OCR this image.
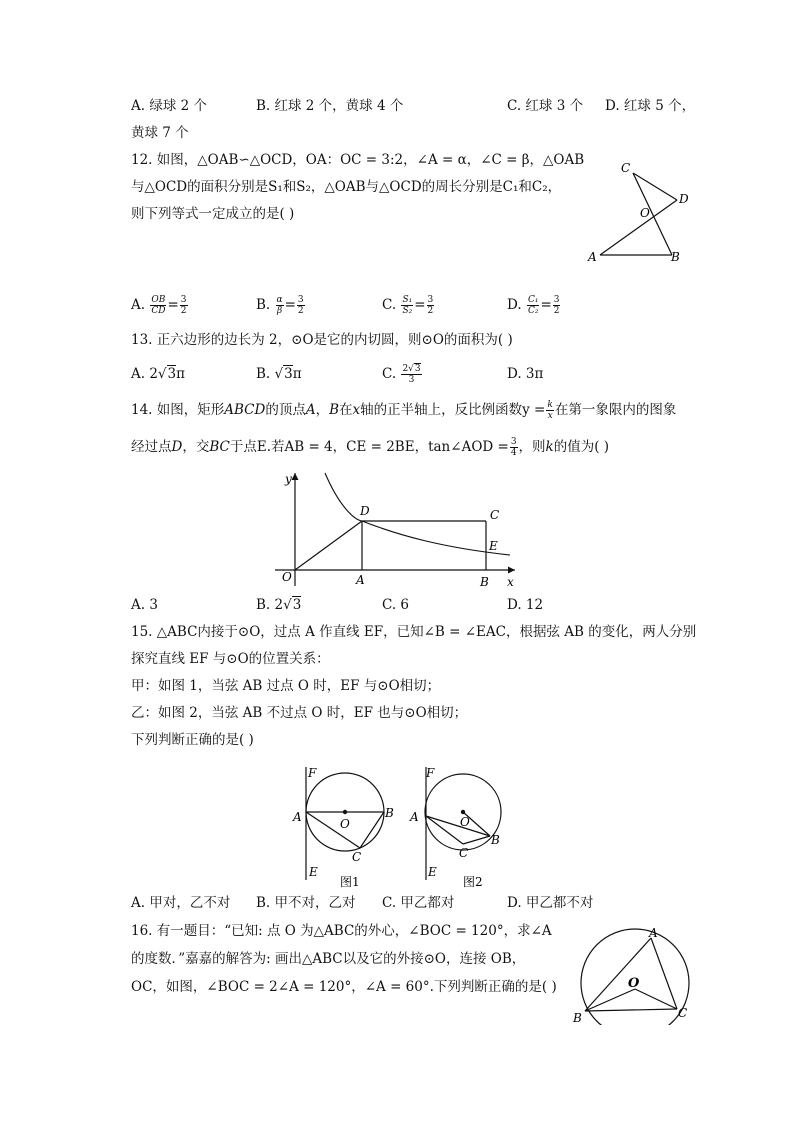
A. 绿球 2 个	B. 红球 2 个，黄球 4 个	C. 红球 3 个 D. 红球 5 个，
黄球 7 个
12. 如图，△OAB∽△OCD，OA：OC = 3:2，∠A = α，∠C = β，△OAB
与△OCD的面积分别是S₁和S₂，△OAB与△OCD的周长分别是C₁和C₂，
则下列等式一定成立的是( )
C
D
O
A	B
A. $\frac{OB}{CD} = \frac{3}{2}$	B. $\frac{\alpha}{\beta} = \frac{3}{2}$	C. $\frac{\text{S₁}}{\text{S₂}} = \frac{3}{2}$	D. $\frac{\text{C₁}}{\text{C₂}} = \frac{3}{2}$
13. 正六边形的边长为 2，⊙O是它的内切圆，则⊙O的面积为( )
A. 2√3π	B. √3π	C. $\frac{2√3}{3}$	D. 3π
14. 如图，矩形ABCD的顶点A，B在x轴的正半轴上，反比例函数$y = \frac{k}{x}$ 在第一象限内的图象
经过点D，交BC于点E.若AB = 4，CE = 2BE，tan∠AOD = $\frac{3}{4}$ ，则k的值为( )
y
x
O	A	B
C
D
E
A. 3	B. 2√3	C. 6	D. 12
15. △ABC内接于⊙O，过点 A 作直线 EF，已知∠B = ∠EAC，根据弦 AB 的变化，两人分别
探究直线 EF 与⊙O的位置关系：
甲：如图 1，当弦 AB 过点 O 时，EF 与⊙O相切；
乙：如图 2，当弦 AB 不过点 O 时，EF 也与⊙O相切；
下列判断正确的是( )
F
A	O
B
C
E
图1
F
A	O
B
C
E
图2
A. 甲对，乙不对 B. 甲不对，乙对 C. 甲乙都对	D. 甲乙都不对
16. 有一题目：“已知: 点 O 为△ABC的外心，∠BOC = 120°，求∠A
的度数．”嘉嘉的解答为: 画出△ABC以及它的外接⊙O，连接 OB，
OC，如图，∠BOC = 2∠A = 120°，∠A = 60°.下列判断正确的是( )
A
O
B	C
